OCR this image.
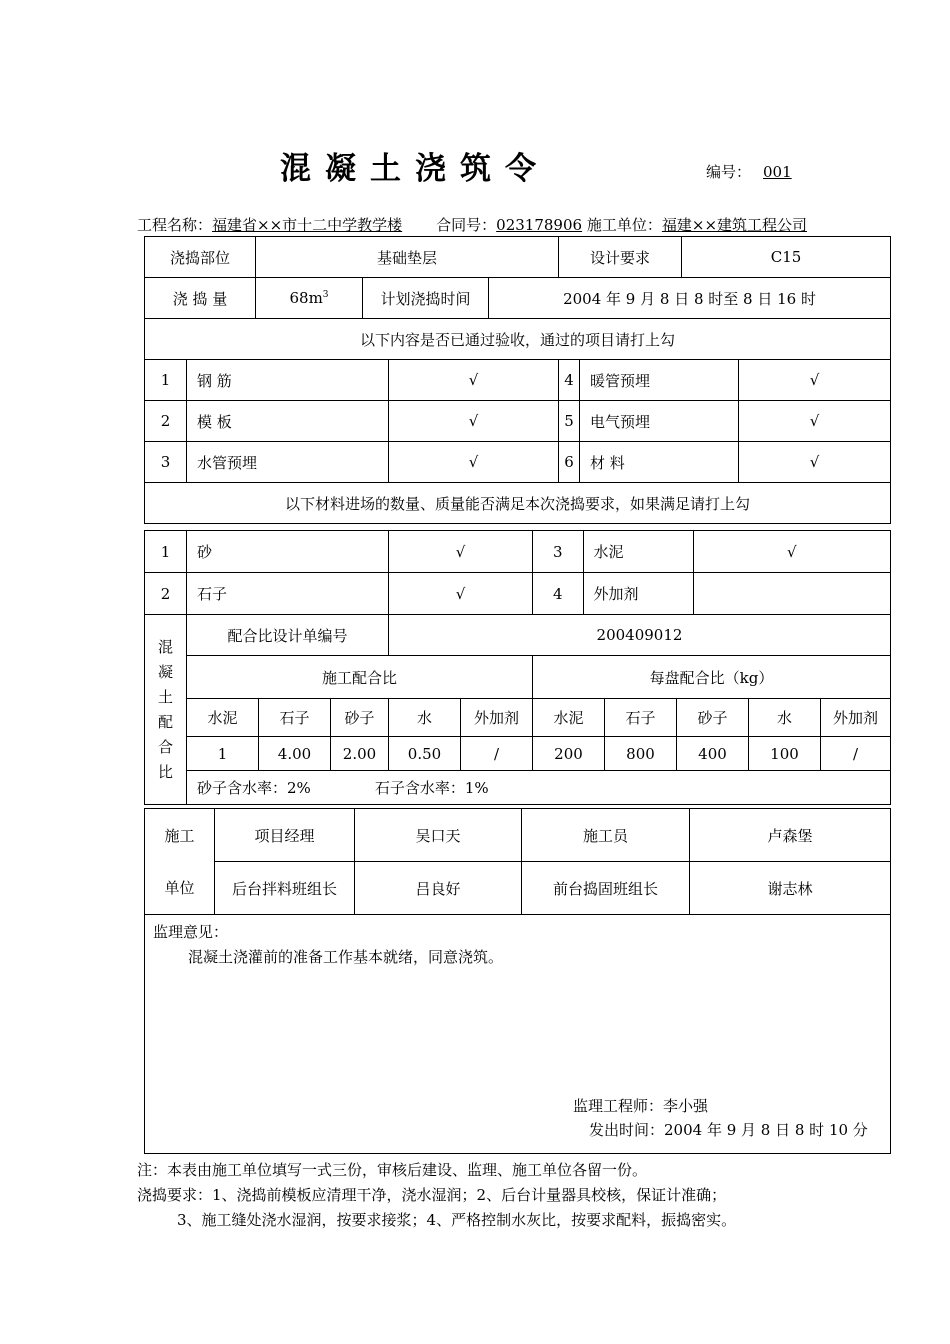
混凝土浇筑令	编号： 001
工程名称：福建省××市十二中学教学楼 合同号：023178906 施工单位：福建××建筑工程公司
浇捣部位		基础垫层				设计要求		C15	
浇 捣 量		$68m^3$	计划浇捣时间		2004 年 9 月 8 日 8 时至 8 日 16 时				
以下内容是否已通过验收，通过的项目请打上勾									
1	钢 筋			√		4	暖管预埋		√
2	模 板			√		5	电气预埋		√
3	水管预埋			√		6	材 料		√
以下材料进场的数量、质量能否满足本次浇捣要求，如果满足请打上勾									
1	砂	√		3	水泥	√

2	石子	√		4	外加剂	

混
凝
土
配
合
比	配合比设计单编号	200409012
施工配合比	每盘配合比（kg）
水泥	石子	砂子	水	外加剂	水泥	石子	砂子	水	外加剂
1	4.00	2.00	0.50	/	200	800	400	100	/
砂子含水率：2%	石子含水率：1%
施工	项目经理	吴口天	施工员	卢森堡
单位	后台拌料班组长	吕良好	前台捣固班组长	谢志林

监理意见：
混凝土浇灌前的准备工作基本就绪，同意浇筑。
监理工程师：李小强
发出时间：2004 年 9 月 8 日 8 时 10 分				
注：本表由施工单位填写一式三份，审核后建设、监理、施工单位各留一份。
浇捣要求：1、浇捣前模板应清理干净，浇水湿润；2、后台计量器具校核，保证计准确；
3、施工缝处浇水湿润，按要求接浆；4、严格控制水灰比，按要求配料，振捣密实。
